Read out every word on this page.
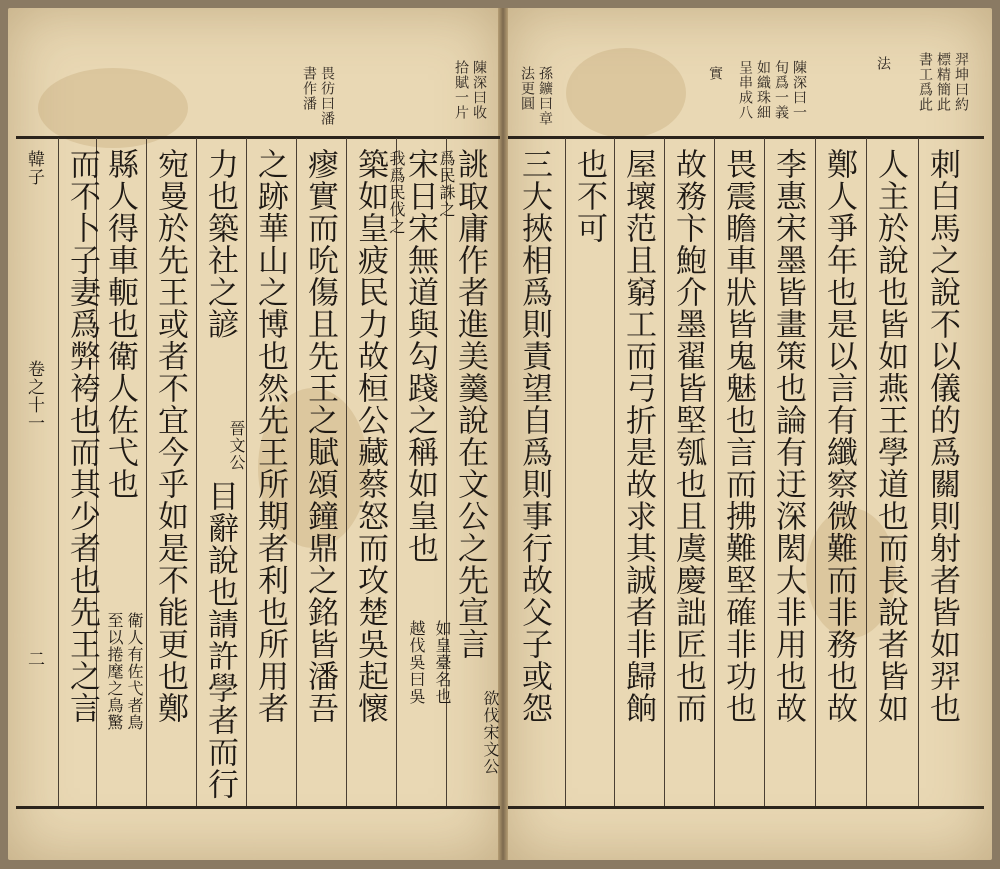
羿坤曰約
標精簡此
書工爲此
法
陳深曰一
旬爲一義
如織珠細
呈串成八
實
刺白馬之說不以儀的爲關則射者皆如羿也
人主於說也皆如燕王學道也而長說者皆如
鄭人爭年也是以言有纖察微難而非務也故
李惠宋墨皆畫策也論有迂深閎大非用也故
畏震瞻車狀皆鬼魅也言而拂難堅確非功也
故務卞鮑介墨翟皆堅瓠也且虞慶詘匠也而
屋壞范且窮工而弓折是故求其誠者非歸餉
也不可
三大挾相爲則責望自爲則事行故父子或怨
孫鑛曰章
法更圓
陳深曰收
拾賦一片
畏彷曰潘
書作潘
誂取庸作者進美羹說在文公之先宣言
欲伐宋文公
宋日宋無道與勾踐之稱如皇也 爲民誅之
如皇臺名也
築如皇疲民力故桓公藏蔡怒而攻楚吳起懷 我爲民伐之
越伐吳曰吳
瘳實而吮傷且先王之賦頌鐘鼎之銘皆潘吾
之跡華山之博也然先王所期者利也所用者
力也築社之諺
晉文公
目辭說也請許學者而行
宛曼於先王或者不宜今乎如是不能更也鄭
縣人得車軛也衛人佐弋也
衛人有佐弋者鳥
至以捲麾之鳥驚
而不卜子妻爲弊袴也而其少者也先王之言
韓子
卷之十一
二
